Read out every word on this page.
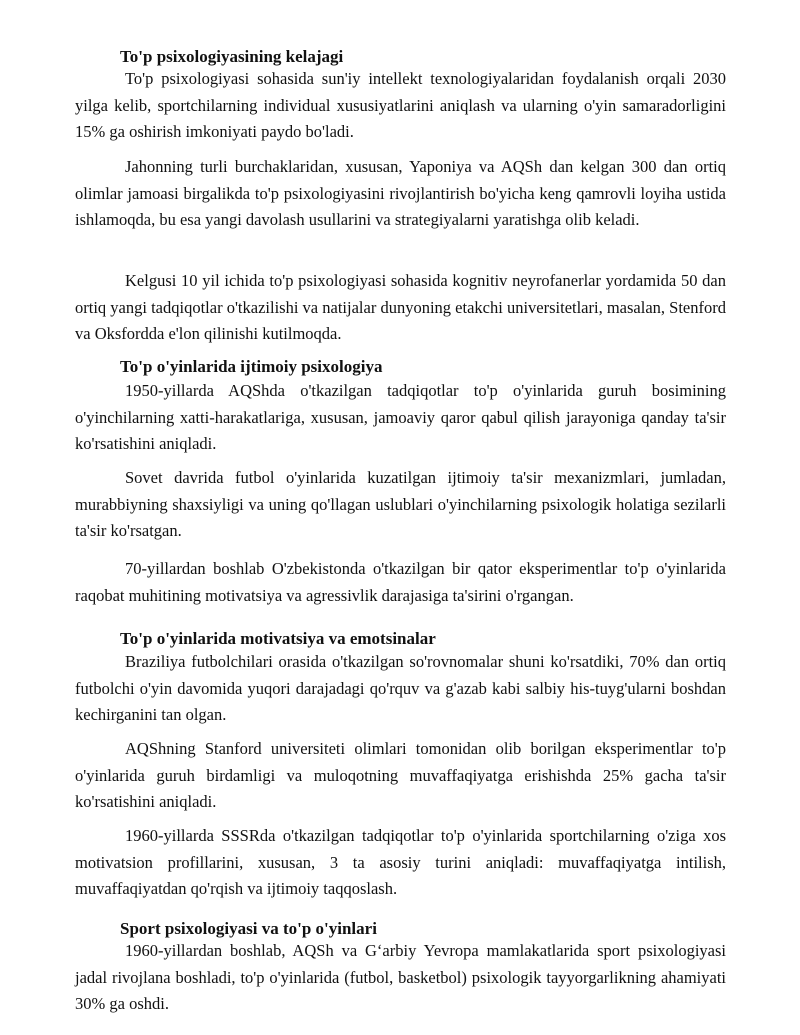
To'p psixologiyasining kelajagi

To'p psixologiyasi sohasida sun'iy intellekt texnologiyalaridan foydalanish orqali 2030 yilga kelib, sportchilarning individual xususiyatlarini aniqlash va ularning o'yin samaradorligini 15% ga oshirish imkoniyati paydo bo'ladi.

Jahonning turli burchaklaridan, xususan, Yaponiya va AQSh dan kelgan 300 dan ortiq olimlar jamoasi birgalikda to'p psixologiyasini rivojlantirish bo'yicha keng qamrovli loyiha ustida ishlamoqda, bu esa yangi davolash usullarini va strategiyalarni yaratishga olib keladi.

Kelgusi 10 yil ichida to'p psixologiyasi sohasida kognitiv neyrofanerlar yordamida 50 dan ortiq yangi tadqiqotlar o'tkazilishi va natijalar dunyoning etakchi universitetlari, masalan, Stenford va Oksfordda e'lon qilinishi kutilmoqda.

To'p o'yinlarida ijtimoiy psixologiya

1950-yillarda AQShda o'tkazilgan tadqiqotlar to'p o'yinlarida guruh bosimining o'yinchilarning xatti-harakatlariga, xususan, jamoaviy qaror qabul qilish jarayoniga qanday ta'sir ko'rsatishini aniqladi.

Sovet davrida futbol o'yinlarida kuzatilgan ijtimoiy ta'sir mexanizmlari, jumladan, murabbiyning shaxsiyligi va uning qo'llagan uslublari o'yinchilarning psixologik holatiga sezilarli ta'sir ko'rsatgan.

70-yillardan boshlab O'zbekistonda o'tkazilgan bir qator eksperimentlar to'p o'yinlarida raqobat muhitining motivatsiya va agressivlik darajasiga ta'sirini o'rgangan.

To'p o'yinlarida motivatsiya va emotsinalar

Braziliya futbolchilari orasida o'tkazilgan so'rovnomalar shuni ko'rsatdiki, 70% dan ortiq futbolchi o'yin davomida yuqori darajadagi qo'rquv va g'azab kabi salbiy his-tuyg'ularni boshdan kechirganini tan olgan.

AQShning Stanford universiteti olimlari tomonidan olib borilgan eksperimentlar to'p o'yinlarida guruh birdamligi va muloqotning muvaffaqiyatga erishishda 25% gacha ta'sir ko'rsatishini aniqladi.

1960-yillarda SSSRda o'tkazilgan tadqiqotlar to'p o'yinlarida sportchilarning o'ziga xos motivatsion profillarini, xususan, 3 ta asosiy turini aniqladi: muvaffaqiyatga intilish, muvaffaqiyatdan qo'rqish va ijtimoiy taqqoslash.

Sport psixologiyasi va to'p o'yinlari

1960-yillardan boshlab, AQSh va G‘arbiy Yevropa mamlakatlarida sport psixologiyasi jadal rivojlana boshladi, to'p o'yinlarida (futbol, basketbol) psixologik tayyorgarlikning ahamiyati 30% ga oshdi.
